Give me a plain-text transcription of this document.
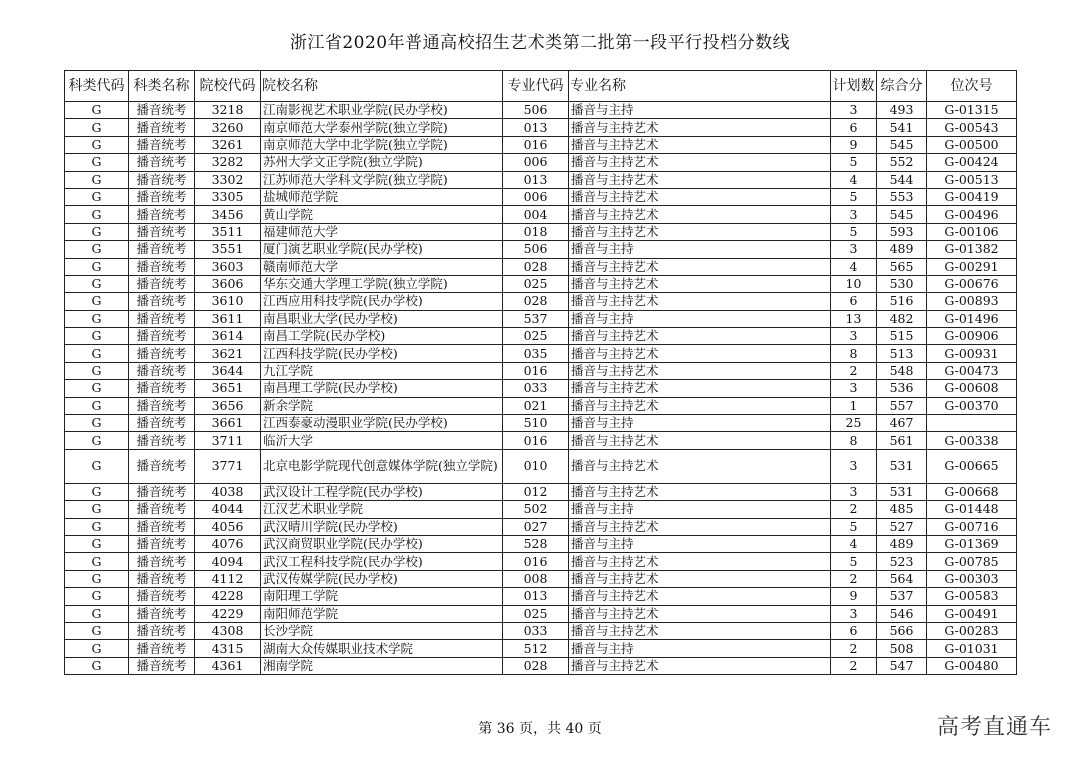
浙江省2020年普通高校招生艺术类第二批第一段平行投档分数线
科类代码	科类名称	院校代码	院校名称	专业代码	专业名称	计划数	综合分	位次号
G	播音统考	3218	江南影视艺术职业学院(民办学校)	506	播音与主持	3	493	G-01315
G	播音统考	3260	南京师范大学泰州学院(独立学院)	013	播音与主持艺术	6	541	G-00543
G	播音统考	3261	南京师范大学中北学院(独立学院)	016	播音与主持艺术	9	545	G-00500
G	播音统考	3282	苏州大学文正学院(独立学院)	006	播音与主持艺术	5	552	G-00424
G	播音统考	3302	江苏师范大学科文学院(独立学院)	013	播音与主持艺术	4	544	G-00513
G	播音统考	3305	盐城师范学院	006	播音与主持艺术	5	553	G-00419
G	播音统考	3456	黄山学院	004	播音与主持艺术	3	545	G-00496
G	播音统考	3511	福建师范大学	018	播音与主持艺术	5	593	G-00106
G	播音统考	3551	厦门演艺职业学院(民办学校)	506	播音与主持	3	489	G-01382
G	播音统考	3603	赣南师范大学	028	播音与主持艺术	4	565	G-00291
G	播音统考	3606	华东交通大学理工学院(独立学院)	025	播音与主持艺术	10	530	G-00676
G	播音统考	3610	江西应用科技学院(民办学校)	028	播音与主持艺术	6	516	G-00893
G	播音统考	3611	南昌职业大学(民办学校)	537	播音与主持	13	482	G-01496
G	播音统考	3614	南昌工学院(民办学校)	025	播音与主持艺术	3	515	G-00906
G	播音统考	3621	江西科技学院(民办学校)	035	播音与主持艺术	8	513	G-00931
G	播音统考	3644	九江学院	016	播音与主持艺术	2	548	G-00473
G	播音统考	3651	南昌理工学院(民办学校)	033	播音与主持艺术	3	536	G-00608
G	播音统考	3656	新余学院	021	播音与主持艺术	1	557	G-00370
G	播音统考	3661	江西泰豪动漫职业学院(民办学校)	510	播音与主持	25	467	
G	播音统考	3711	临沂大学	016	播音与主持艺术	8	561	G-00338
G	播音统考	3771	北京电影学院现代创意媒体学院(独立学院)	010	播音与主持艺术	3	531	G-00665
G	播音统考	4038	武汉设计工程学院(民办学校)	012	播音与主持艺术	3	531	G-00668
G	播音统考	4044	江汉艺术职业学院	502	播音与主持	2	485	G-01448
G	播音统考	4056	武汉晴川学院(民办学校)	027	播音与主持艺术	5	527	G-00716
G	播音统考	4076	武汉商贸职业学院(民办学校)	528	播音与主持	4	489	G-01369
G	播音统考	4094	武汉工程科技学院(民办学校)	016	播音与主持艺术	5	523	G-00785
G	播音统考	4112	武汉传媒学院(民办学校)	008	播音与主持艺术	2	564	G-00303
G	播音统考	4228	南阳理工学院	013	播音与主持艺术	9	537	G-00583
G	播音统考	4229	南阳师范学院	025	播音与主持艺术	3	546	G-00491
G	播音统考	4308	长沙学院	033	播音与主持艺术	6	566	G-00283
G	播音统考	4315	湖南大众传媒职业技术学院	512	播音与主持	2	508	G-01031
G	播音统考	4361	湘南学院	028	播音与主持艺术	2	547	G-00480
第 36 页，共 40 页	高考直通车
